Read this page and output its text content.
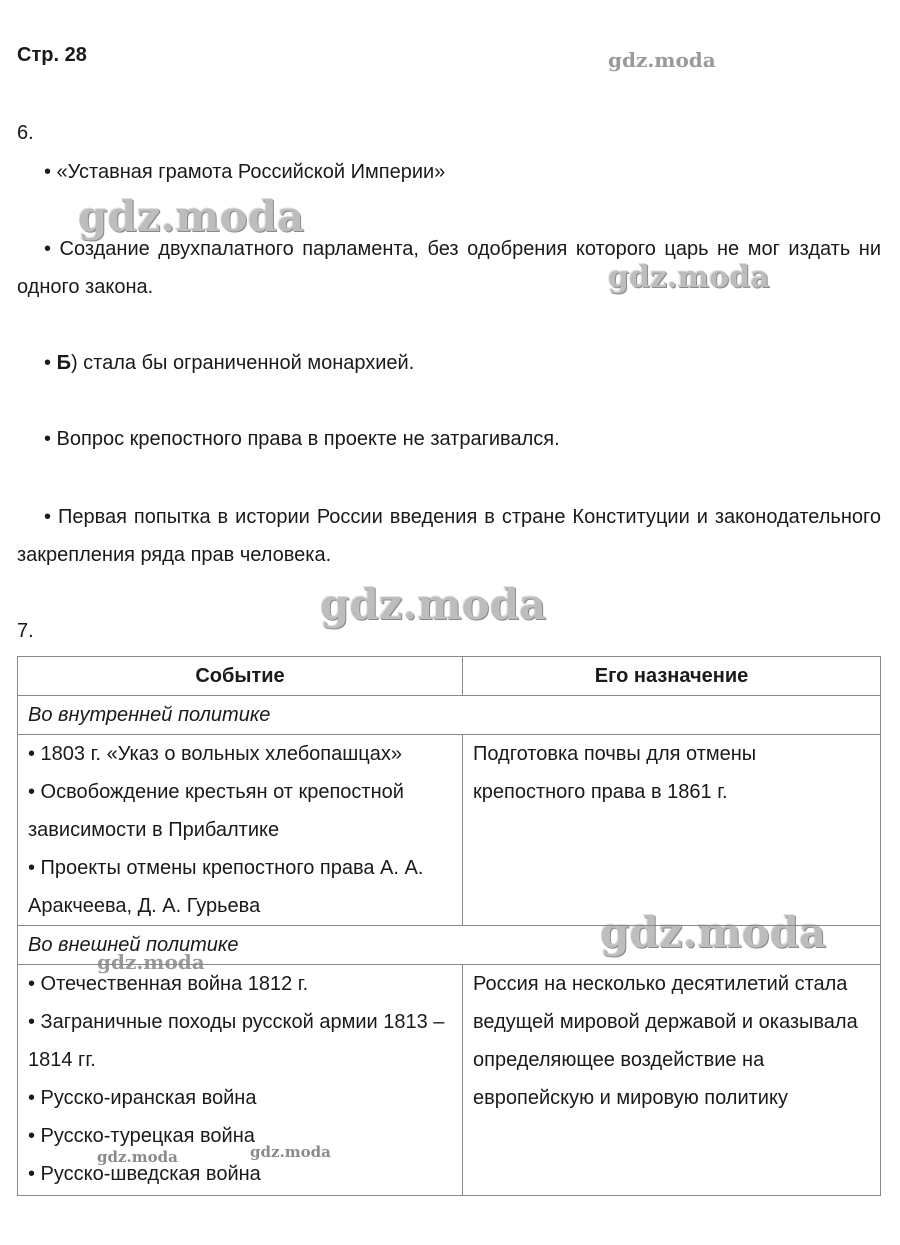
Стр. 28	gdz.moda
gdz.moda
gdz.moda
gdz.moda
gdz.moda
gdz.moda
gdz.moda	gdz.moda
6.
• «Уставная грамота Российской Империи»
• Создание двухпалатного парламента, без одобрения которого царь не мог издать ни одного закона.
• Б) стала бы ограниченной монархией.
• Вопрос крепостного права в проекте не затрагивался.
• Первая попытка в истории России введения в стране Конституции и законодательного закрепления ряда прав человека.
7.
Событие	Его назначение
Во внутренней политике	

• 1803 г. «Указ о вольных хлебопашцах»
• Освобождение крестьян от крепостной зависимости в Прибалтике
• Проекты отмены крепостного права А. А. Аракчеева, Д. А. Гурьева	Подготовка почвы для отмены крепостного права в 1861 г.

Во внешней политике	

• Отечественная война 1812 г.
• Заграничные походы русской армии 1813 – 1814 гг.
• Русско-иранская война
• Русско-турецкая война
• Русско-шведская война	Россия на несколько десятилетий стала ведущей мировой державой и оказывала определяющее воздействие на европейскую и мировую политику
